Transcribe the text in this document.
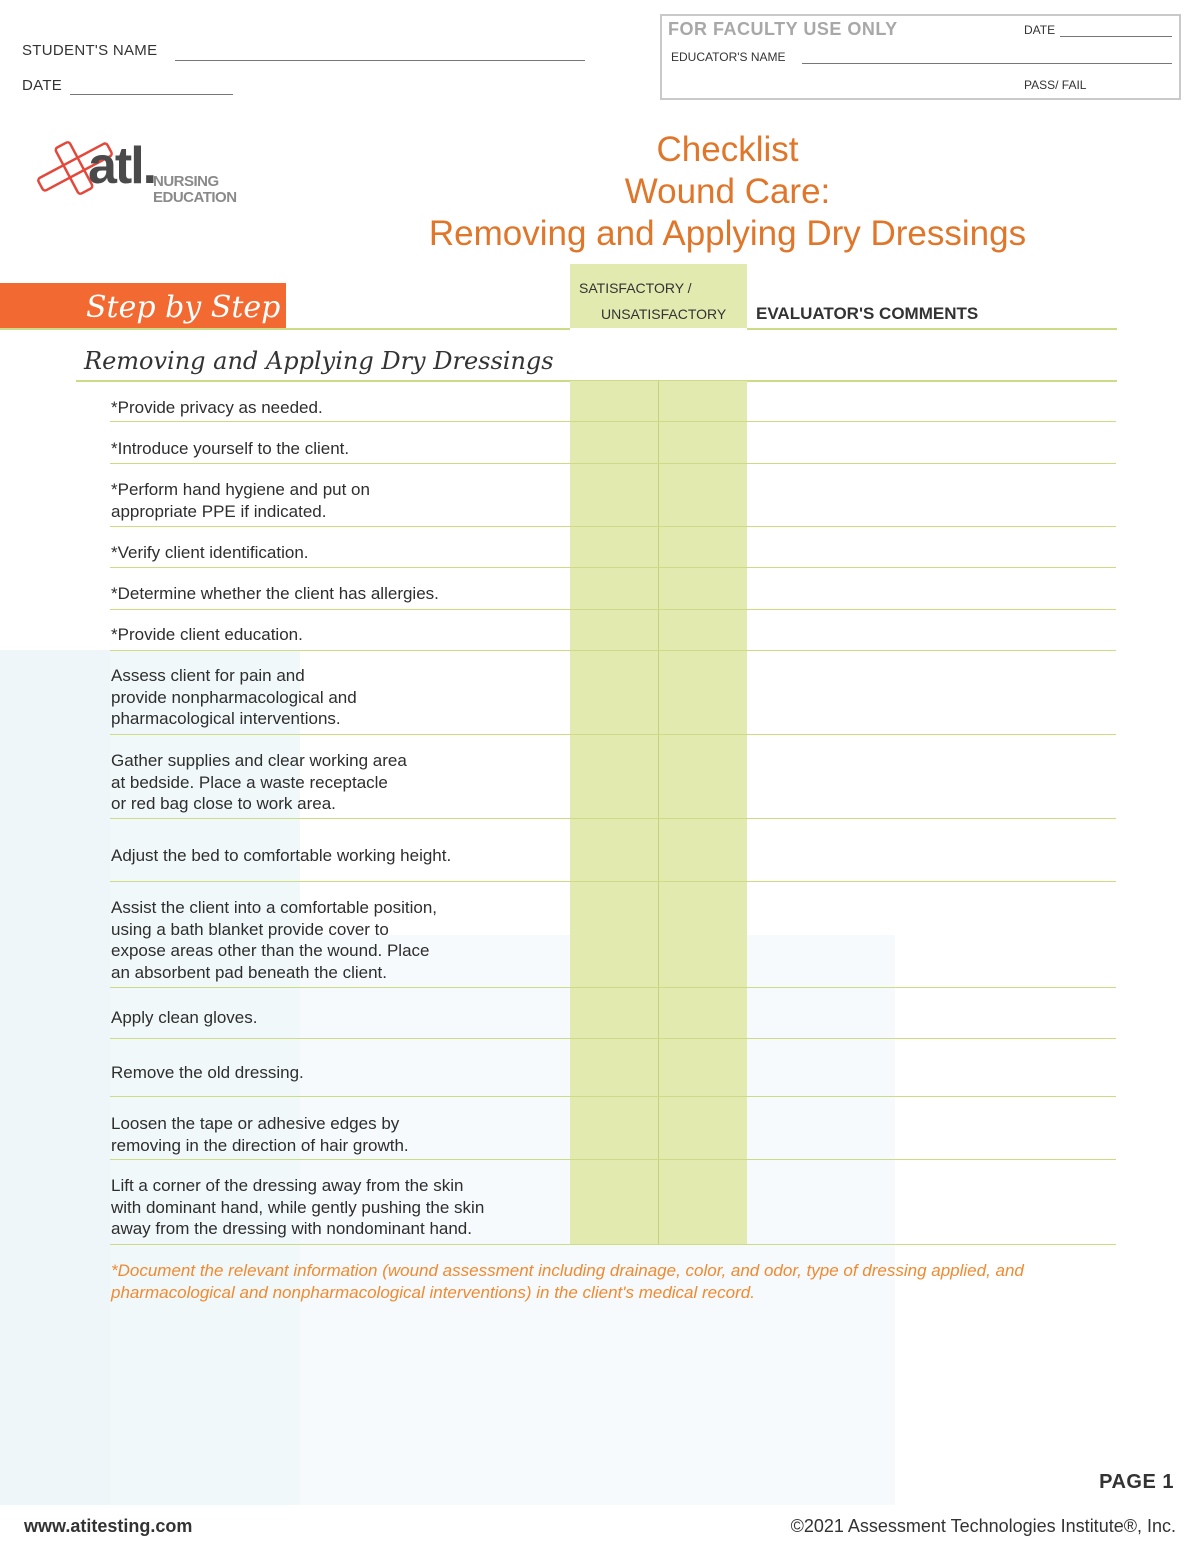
STUDENT'S NAME
DATE
FOR FACULTY USE ONLY	DATE
EDUCATOR'S NAME
PASS/ FAIL
atl.
NURSING
EDUCATION
Checklist
Wound Care:
Removing and Applying Dry Dressings
Step by Step
SATISFACTORY /
UNSATISFACTORY EVALUATOR'S COMMENTS
Removing and Applying Dry Dressings
*Provide privacy as needed.
*Introduce yourself to the client.
*Perform hand hygiene and put on
appropriate PPE if indicated.
*Verify client identification.
*Determine whether the client has allergies.
*Provide client education.
Assess client for pain and
provide nonpharmacological and
pharmacological interventions.
Gather supplies and clear working area
at bedside. Place a waste receptacle
or red bag close to work area.
Adjust the bed to comfortable working height.
Assist the client into a comfortable position,
using a bath blanket provide cover to
expose areas other than the wound. Place
an absorbent pad beneath the client.
Apply clean gloves.
Remove the old dressing.
Loosen the tape or adhesive edges by
removing in the direction of hair growth.
Lift a corner of the dressing away from the skin
with dominant hand, while gently pushing the skin
away from the dressing with nondominant hand.
*Document the relevant information (wound assessment including drainage, color, and odor, type of dressing applied, and pharmacological and nonpharmacological interventions) in the client's medical record.
PAGE 1
www.atitesting.com	©2021 Assessment Technologies Institute®, Inc.
